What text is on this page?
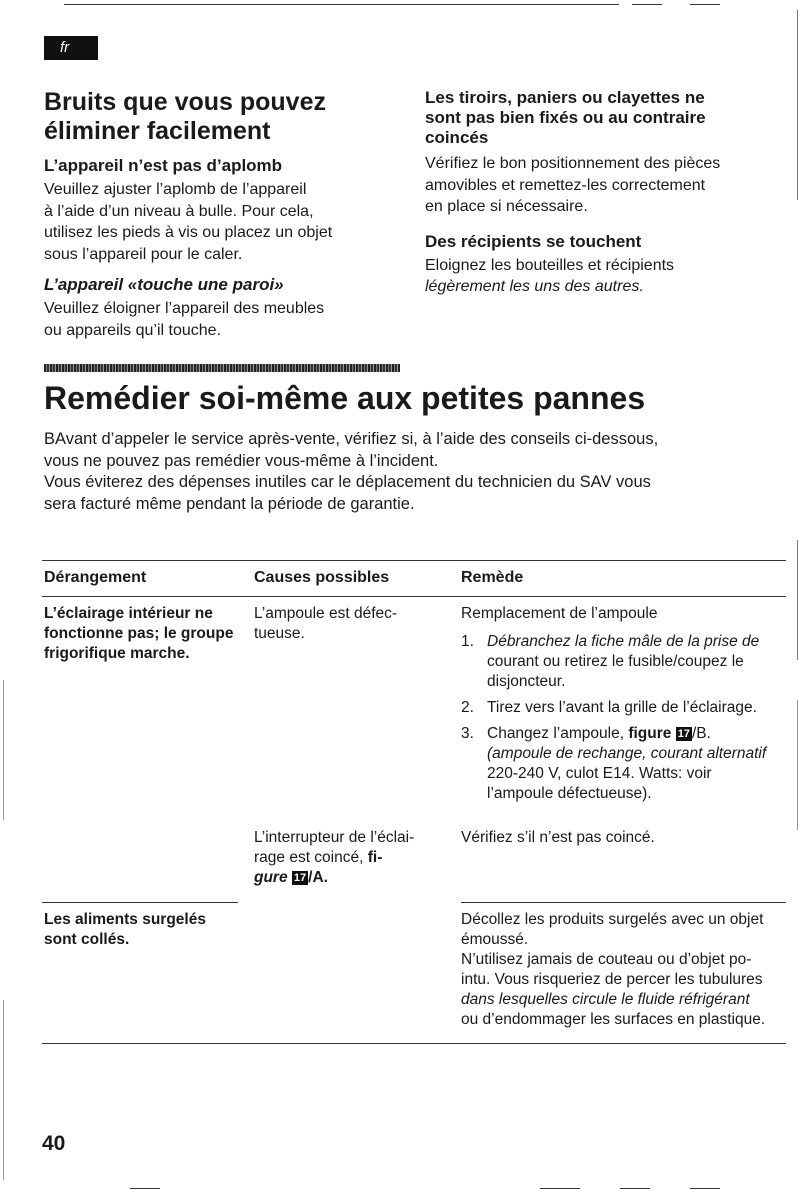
fr

Bruits que vous pouvez
éliminer facilement

L’appareil n’est pas d’aplomb

Veuillez ajuster l’aplomb de l’appareil
à l’aide d’un niveau à bulle. Pour cela,
utilisez les pieds à vis ou placez un objet
sous l’appareil pour le caler.

L’appareil «touche une paroi»

Veuillez éloigner l’appareil des meubles
ou appareils qu’il touche.

Les tiroirs, paniers ou clayettes ne
sont pas bien fixés ou au contraire
coincés

Vérifiez le bon positionnement des pièces
amovibles et remettez-les correctement
en place si nécessaire.

Des récipients se touchent

Eloignez les bouteilles et récipients
légèrement les uns des autres.

Remédier soi-même aux petites pannes

BAvant d’appeler le service après-vente, vérifiez si, à l’aide des conseils ci-dessous,
vous ne pouvez pas remédier vous-même à l’incident.
Vous éviterez des dépenses inutiles car le déplacement du technicien du SAV vous
sera facturé même pendant la période de garantie.

Dérangement	Causes possibles	Remède
L’éclairage intérieur ne
fonctionne pas; le groupe
frigorifique marche.
L’ampoule est défec-
tueuse.
Remplacement de l’ampoule
1. Débranchez la fiche mâle de la prise de
courant ou retirez le fusible/coupez le
disjoncteur.
2. Tirez vers l’avant la grille de l’éclairage.
3. Changez l’ampoule, figure 17 /B.
(ampoule de rechange, courant alternatif
220-240 V, culot E14. Watts: voir
l’ampoule défectueuse).
L’interrupteur de l’éclai-
rage est coincé, fi-
gure 17 /A.
Vérifiez s’il n’est pas coincé.
Les aliments surgelés
sont collés.
Décollez les produits surgelés avec un objet
émoussé.
N’utilisez jamais de couteau ou d’objet po-
intu. Vous risqueriez de percer les tubulures
dans lesquelles circule le fluide réfrigérant
ou d’endommager les surfaces en plastique.
40
